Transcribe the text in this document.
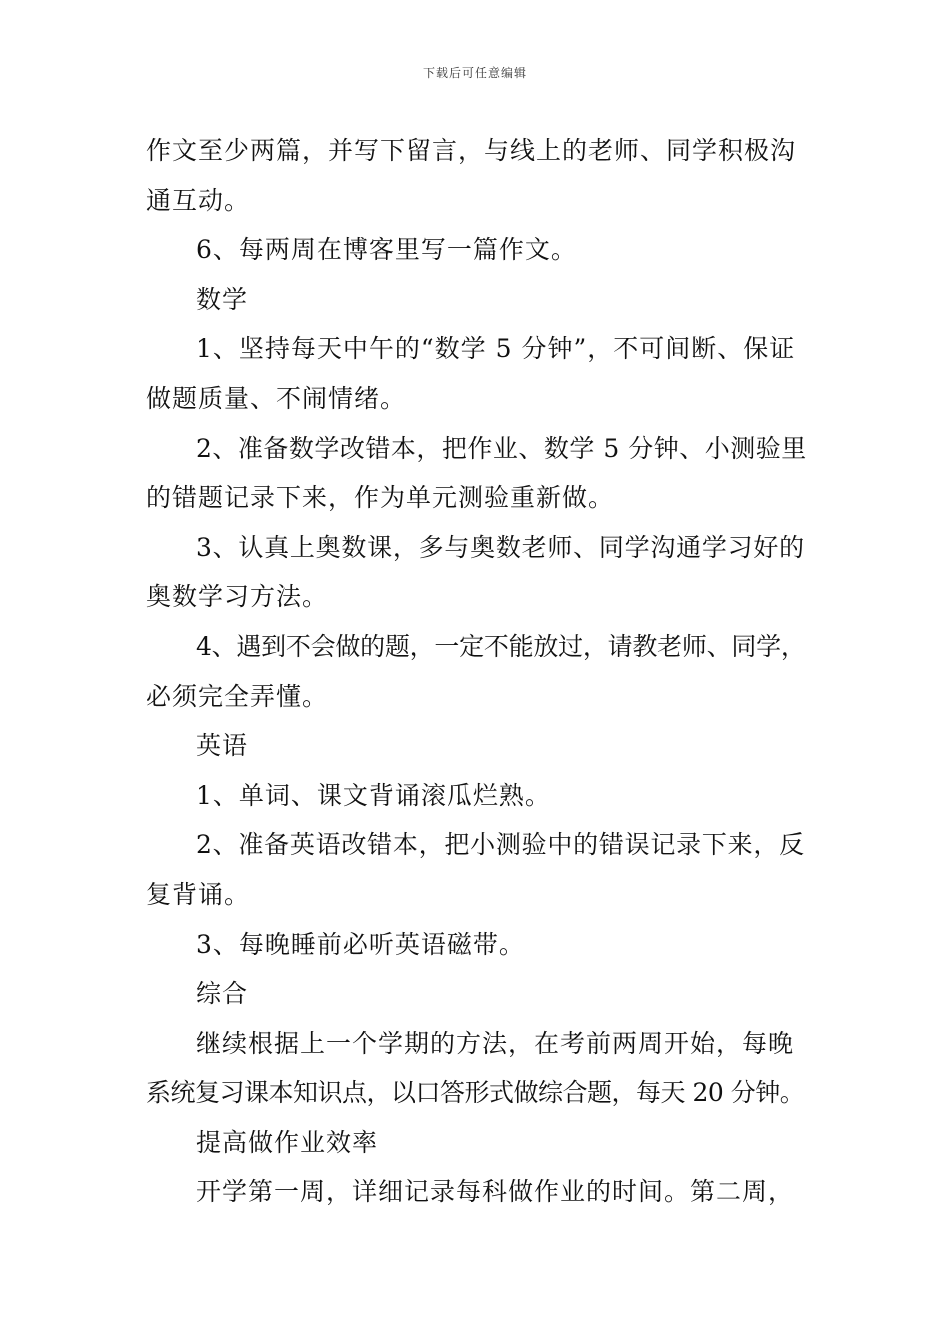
下载后可任意编辑

作文至少两篇，并写下留言，与线上的老师、同学积极沟

通互动。

6、每两周在博客里写一篇作文。

数学

1、坚持每天中午的“数学 5 分钟”，不可间断、保证

做题质量、不闹情绪。

2、准备数学改错本，把作业、数学 5 分钟、小测验里

的错题记录下来，作为单元测验重新做。

3、认真上奥数课，多与奥数老师、同学沟通学习好的

奥数学习方法。

4、遇到不会做的题，一定不能放过，请教老师、同学，

必须完全弄懂。

英语

1、单词、课文背诵滚瓜烂熟。

2、准备英语改错本，把小测验中的错误记录下来，反

复背诵。

3、每晚睡前必听英语磁带。

综合

继续根据上一个学期的方法，在考前两周开始，每晚

系统复习课本知识点，以口答形式做综合题，每天 20 分钟。

提高做作业效率

开学第一周，详细记录每科做作业的时间。第二周，
